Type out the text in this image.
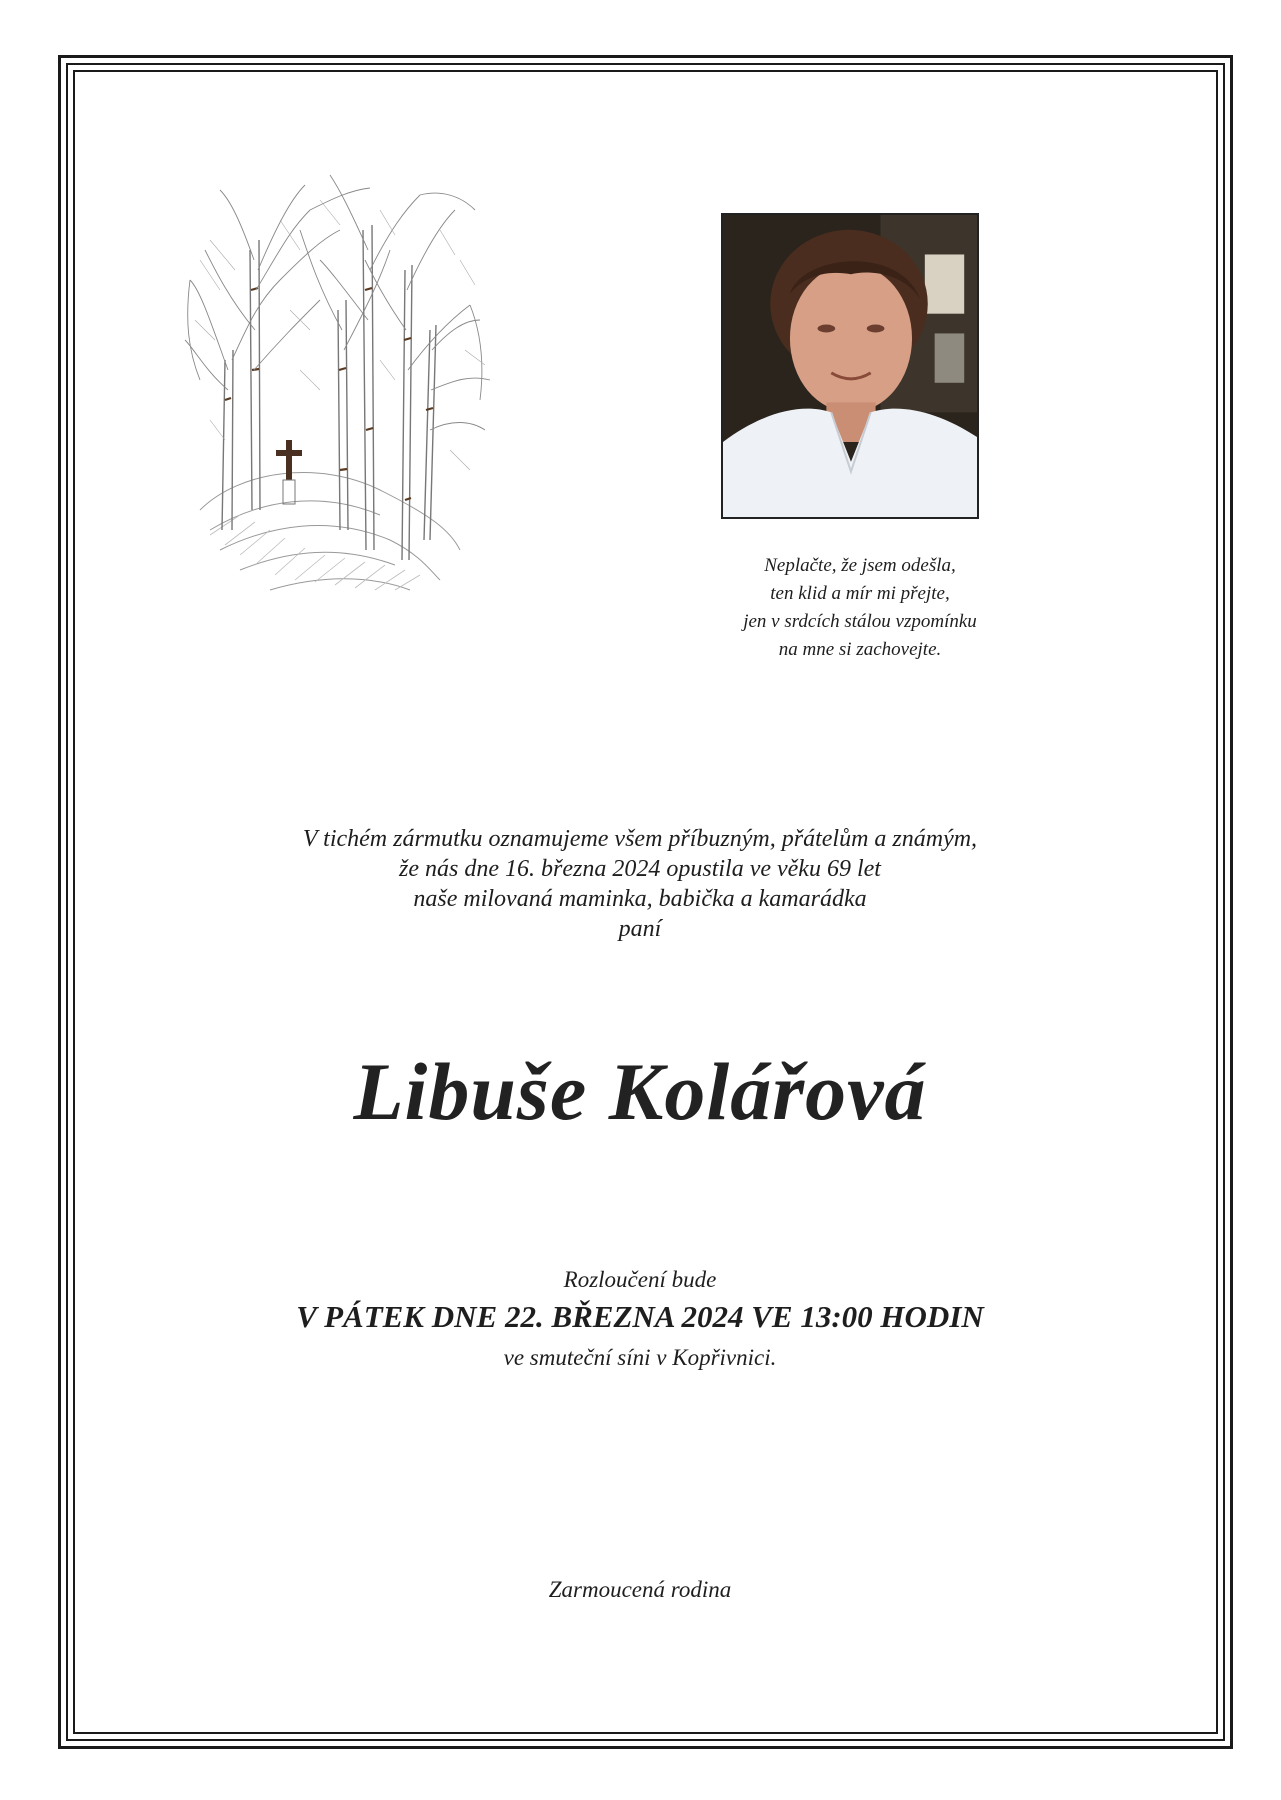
Neplačte, že jsem odešla,
ten klid a mír mi přejte,
jen v srdcích stálou vzpomínku
na mne si zachovejte.
V tichém zármutku oznamujeme všem příbuzným, přátelům a známým,
že nás dne 16. března 2024 opustila ve věku 69 let
naše milovaná maminka, babička a kamarádka
paní
Libuše Kolářová
Rozloučení bude
V PÁTEK DNE 22. BŘEZNA 2024 VE 13:00 HODIN
ve smuteční síni v Kopřivnici.
Zarmoucená rodina
